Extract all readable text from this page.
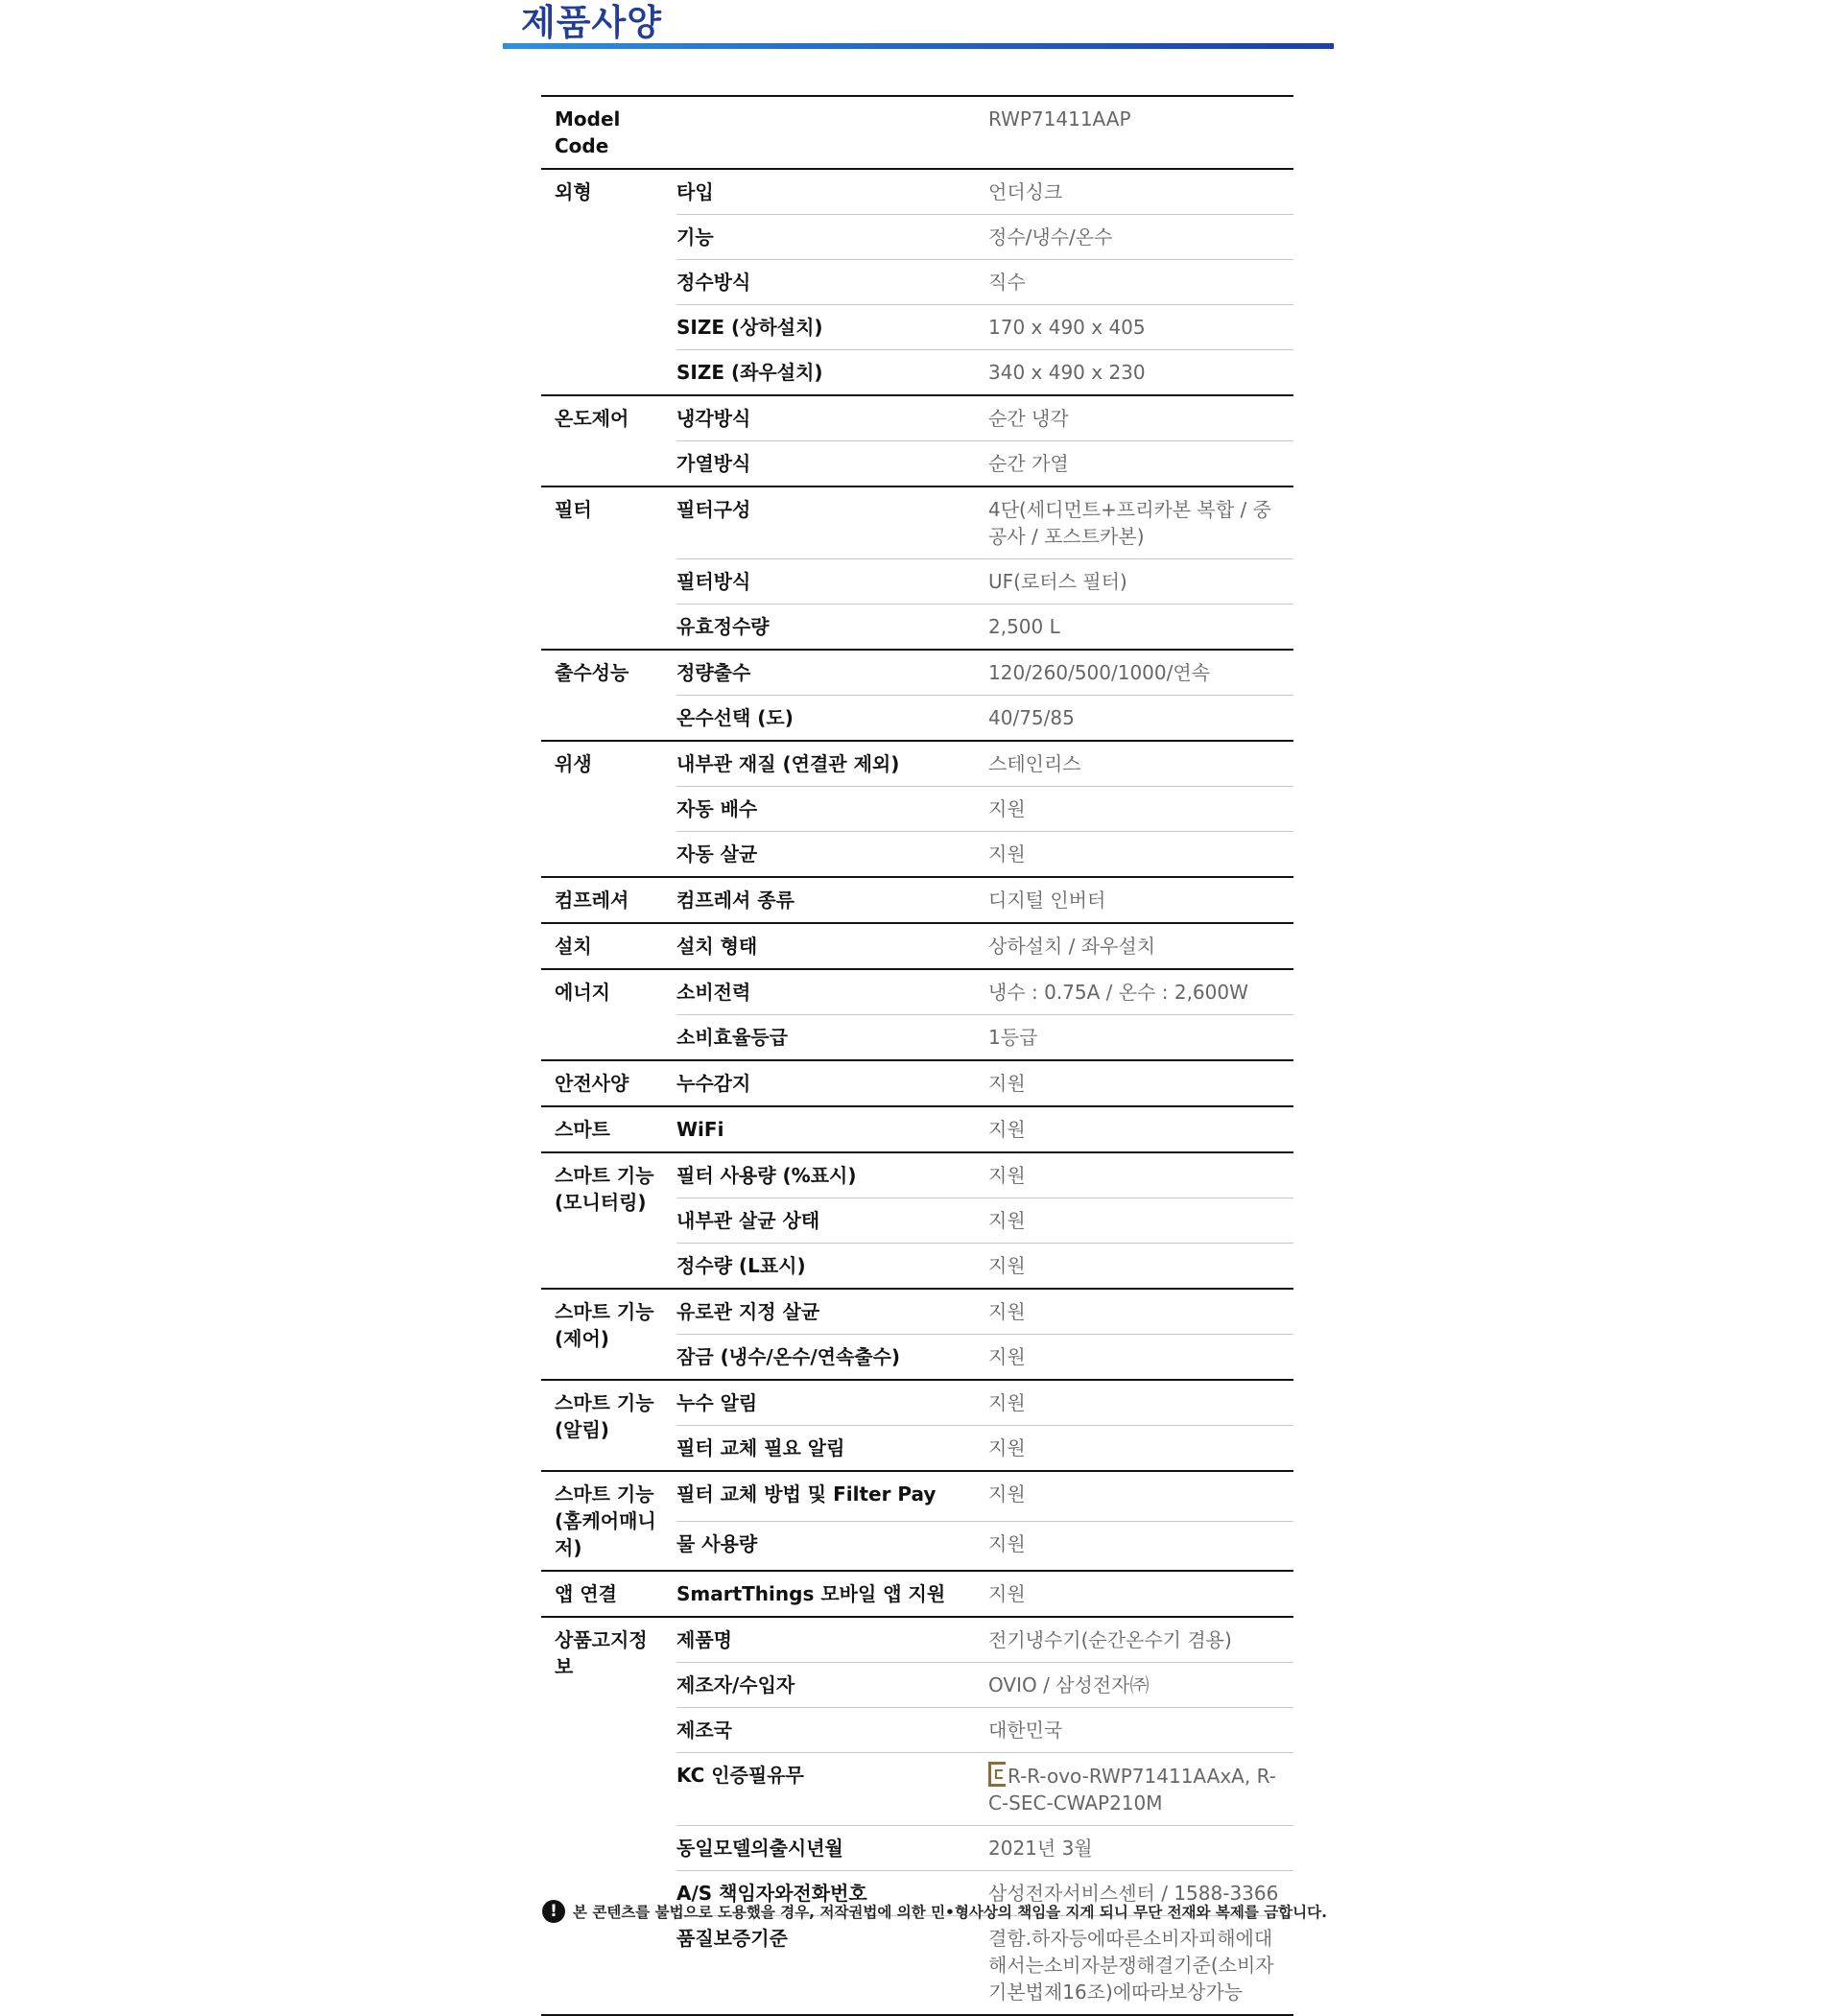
제품사양
Model Code		RWP71411AAP

외형	타입	언더싱크
	기능	정수/냉수/온수
	정수방식	직수
	SIZE (상하설치)	170 x 490 x 405
	SIZE (좌우설치)	340 x 490 x 230

온도제어	냉각방식	순간 냉각
	가열방식	순간 가열

필터	필터구성	4단(세디먼트+프리카본 복합 / 중공사 / 포스트카본)
	필터방식	UF(로터스 필터)
	유효정수량	2,500 L

출수성능	정량출수	120/260/500/1000/연속
	온수선택 (도)	40/75/85

위생	내부관 재질 (연결관 제외)	스테인리스
	자동 배수	지원
	자동 살균	지원

컴프레셔	컴프레셔 종류	디지털 인버터

설치	설치 형태	상하설치 / 좌우설치

에너지	소비전력	냉수 : 0.75A / 온수 : 2,600W
	소비효율등급	1등급

안전사양	누수감지	지원

스마트	WiFi	지원

스마트 기능
(모니터링)	필터 사용량 (%표시)	지원
	내부관 살균 상태	지원
	정수량 (L표시)	지원

스마트 기능
(제어)	유로관 지정 살균	지원
	잠금 (냉수/온수/연속출수)	지원

스마트 기능
(알림)	누수 알림	지원
	필터 교체 필요 알림	지원

스마트 기능
(홈케어매니저)	필터 교체 방법 및 Filter Pay	지원
	물 사용량	지원

앱 연결	SmartThings 모바일 앱 지원	지원

상품고지정보	제품명	전기냉수기(순간온수기 겸용)
	제조자/수입자	OVIO / 삼성전자㈜
	제조국	대한민국
	KC 인증필유무	R-R-ovo-RWP71411AAxA, R-C-SEC-CWAP210M
	동일모델의출시년월	2021년 3월
	A/S 책임자와전화번호	삼성전자서비스센터 / 1588-3366
	품질보증기준	결함.하자등에따른소비자피해에대해서는소비자분쟁해결기준(소비자기본법제16조)에따라보상가능
!	본 콘텐츠를 불법으로 도용했을 경우, 저작권법에 의한 민•형사상의 책임을 지게 되니 무단 전재와 복제를 금합니다.
